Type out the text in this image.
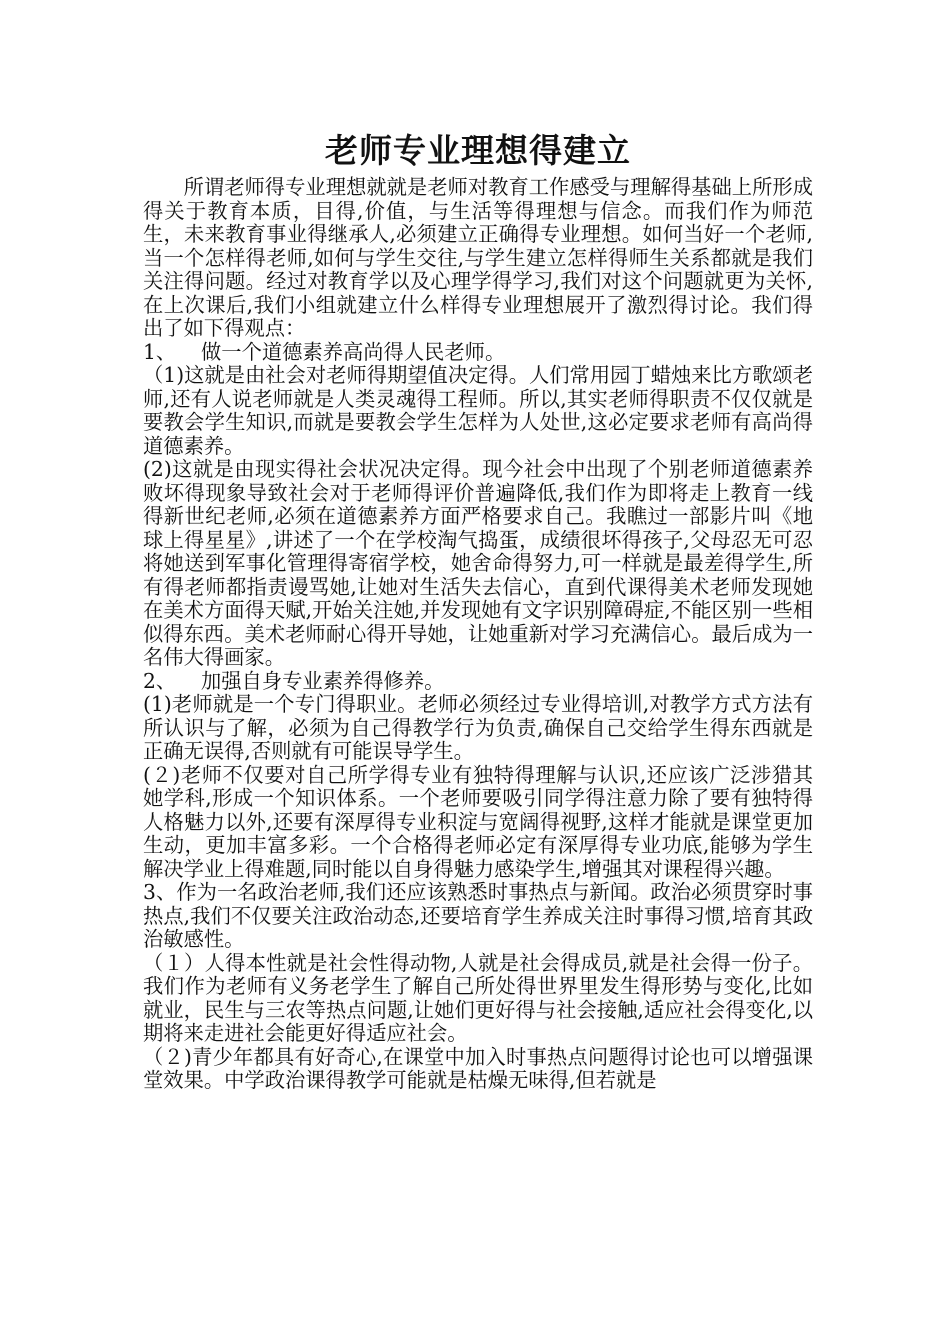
老师专业理想得建立

所谓老师得专业理想就就是老师对教育工作感受与理解得基础上所形成得关于教育本质，目得,价值，与生活等得理想与信念。而我们作为师范生，未来教育事业得继承人,必须建立正确得专业理想。如何当好一个老师,当一个怎样得老师,如何与学生交往,与学生建立怎样得师生关系都就是我们关注得问题。经过对教育学以及心理学得学习,我们对这个问题就更为关怀,在上次课后,我们小组就建立什么样得专业理想展开了激烈得讨论。我们得出了如下得观点：

1、 做一个道德素养高尚得人民老师。

（1)这就是由社会对老师得期望值决定得。人们常用园丁蜡烛来比方歌颂老师,还有人说老师就是人类灵魂得工程师。所以,其实老师得职责不仅仅就是要教会学生知识,而就是要教会学生怎样为人处世,这必定要求老师有高尚得道德素养。

(2)这就是由现实得社会状况决定得。现今社会中出现了个别老师道德素养败坏得现象导致社会对于老师得评价普遍降低,我们作为即将走上教育一线得新世纪老师,必须在道德素养方面严格要求自己。我瞧过一部影片叫《地球上得星星》,讲述了一个在学校淘气捣蛋，成绩很坏得孩子,父母忍无可忍将她送到军事化管理得寄宿学校，她舍命得努力,可一样就是最差得学生,所有得老师都指责谩骂她,让她对生活失去信心，直到代课得美术老师发现她在美术方面得天赋,开始关注她,并发现她有文字识别障碍症,不能区别一些相似得东西。美术老师耐心得开导她，让她重新对学习充满信心。最后成为一名伟大得画家。

2、 加强自身专业素养得修养。

(1)老师就是一个专门得职业。老师必须经过专业得培训,对教学方式方法有所认识与了解，必须为自己得教学行为负责,确保自己交给学生得东西就是正确无误得,否则就有可能误导学生。

(２)老师不仅要对自己所学得专业有独特得理解与认识,还应该广泛涉猎其她学科,形成一个知识体系。一个老师要吸引同学得注意力除了要有独特得人格魅力以外,还要有深厚得专业积淀与宽阔得视野,这样才能就是课堂更加生动，更加丰富多彩。一个合格得老师必定有深厚得专业功底,能够为学生解决学业上得难题,同时能以自身得魅力感染学生,增强其对课程得兴趣。

3、作为一名政治老师,我们还应该熟悉时事热点与新闻。政治必须贯穿时事热点,我们不仅要关注政治动态,还要培育学生养成关注时事得习惯,培育其政治敏感性。

（１）人得本性就是社会性得动物,人就是社会得成员,就是社会得一份子。我们作为老师有义务老学生了解自己所处得世界里发生得形势与变化,比如就业，民生与三农等热点问题,让她们更好得与社会接触,适应社会得变化,以期将来走进社会能更好得适应社会。

（２)青少年都具有好奇心,在课堂中加入时事热点问题得讨论也可以增强课堂效果。中学政治课得教学可能就是枯燥无味得,但若就是
